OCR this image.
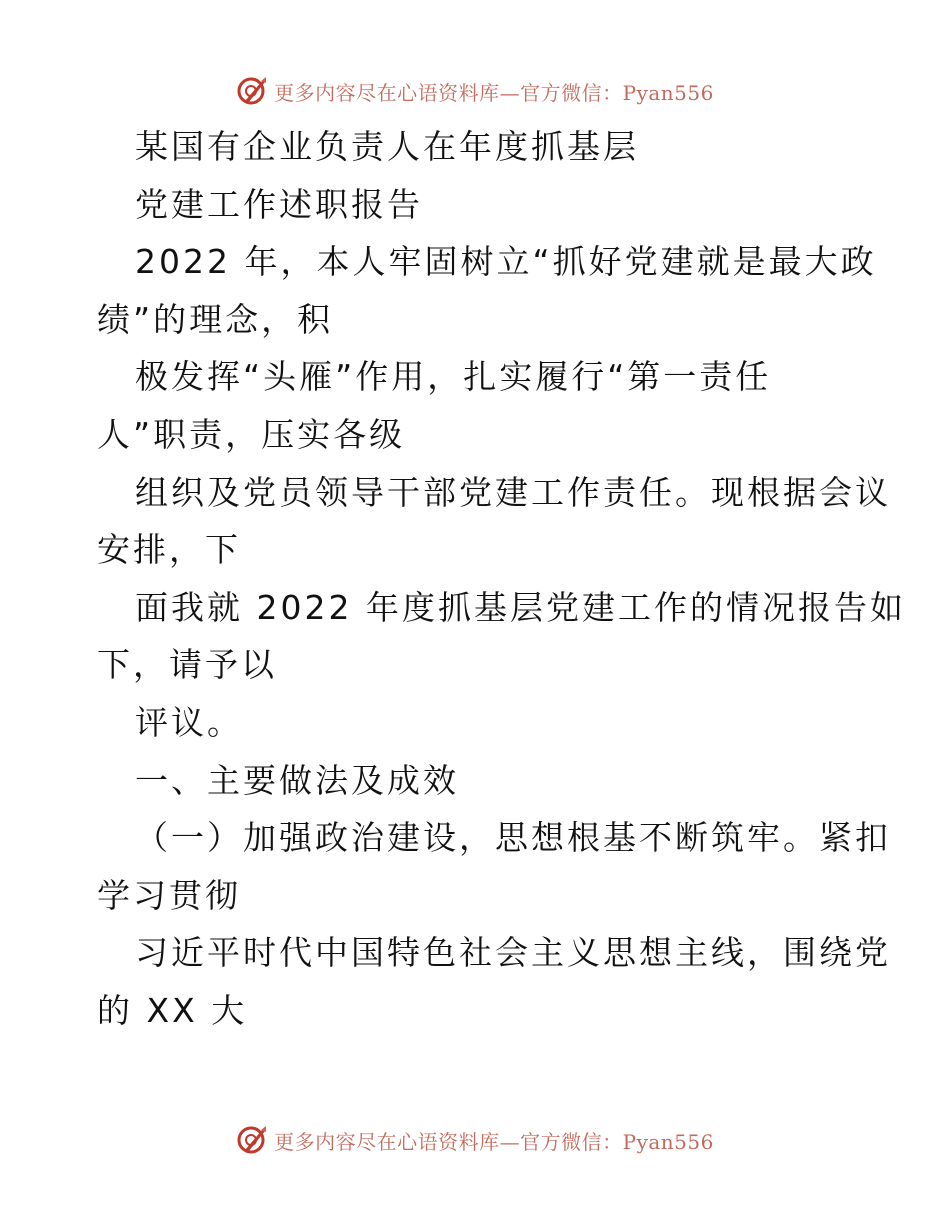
更多内容尽在心语资料库—官方微信：Pyan556
某国有企业负责人在年度抓基层
党建工作述职报告
2022 年，本人牢固树立“抓好党建就是最大政
绩”的理念，积
极发挥“头雁”作用，扎实履行“第一责任
人”职责，压实各级
组织及党员领导干部党建工作责任。现根据会议
安排，下
面我就 2022 年度抓基层党建工作的情况报告如
下，请予以
评议。
一、主要做法及成效
（一）加强政治建设，思想根基不断筑牢。紧扣
学习贯彻
习近平时代中国特色社会主义思想主线，围绕党
的 XX 大
更多内容尽在心语资料库—官方微信：Pyan556
